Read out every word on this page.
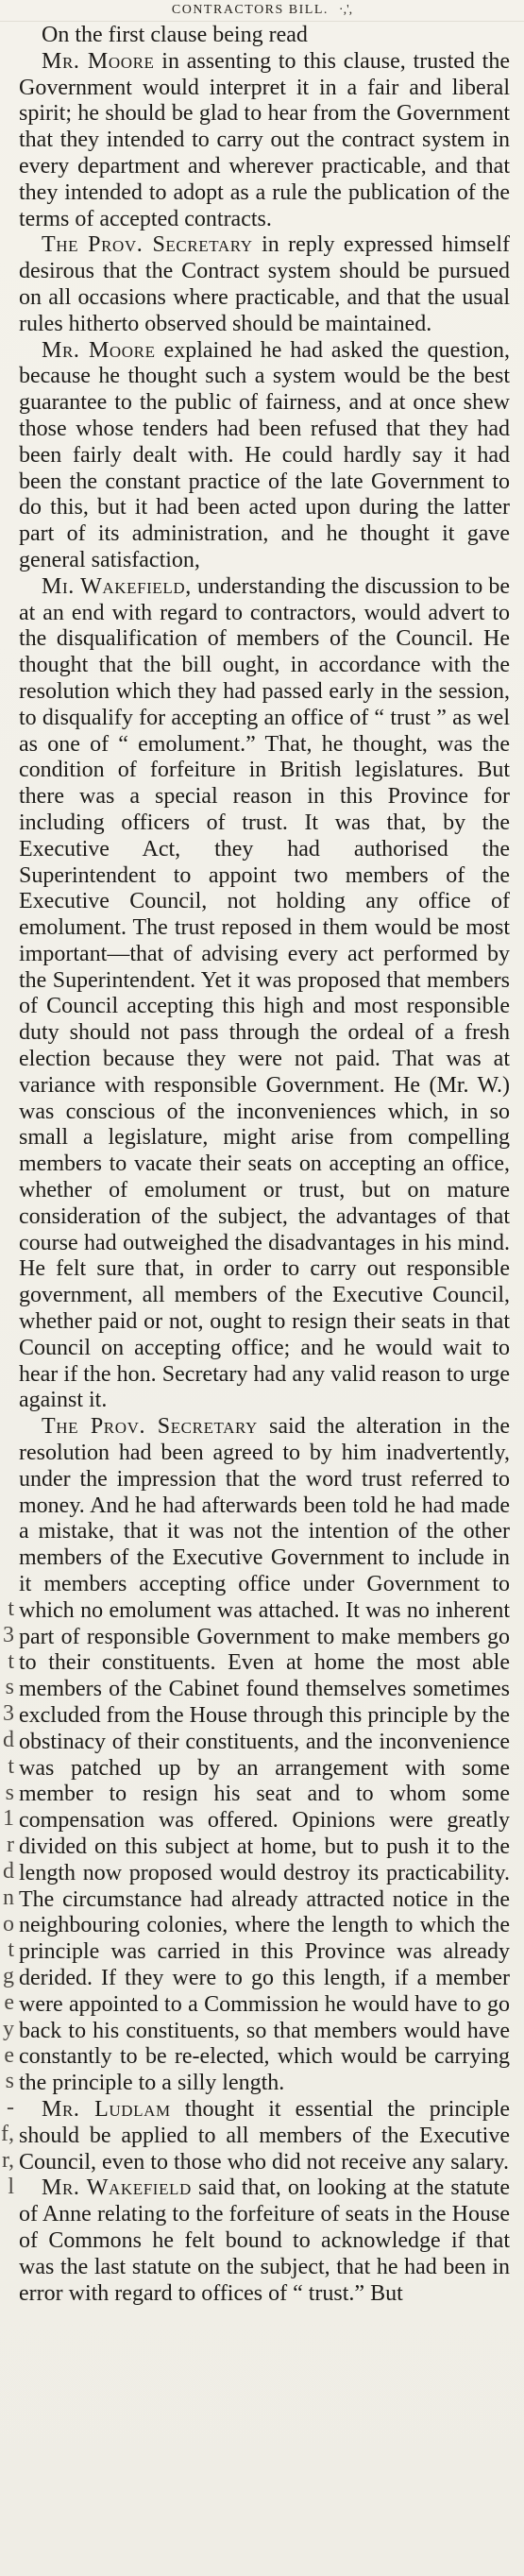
CONTRACTORS BILL. ·,',

On the first clause being read

Mr. Moore in assenting to this clause, trusted the Government would interpret it in a fair and liberal spirit; he should be glad to hear from the Government that they intended to carry out the contract system in every department and wherever practicable, and that they intended to adopt as a rule the publication of the terms of accepted contracts.

The Prov. Secretary in reply expressed himself desirous that the Contract system should be pursued on all occasions where practicable, and that the usual rules hitherto observed should be maintained.

Mr. Moore explained he had asked the question, because he thought such a system would be the best guarantee to the public of fairness, and at once shew those whose tenders had been refused that they had been fairly dealt with. He could hardly say it had been the constant practice of the late Government to do this, but it had been acted upon during the latter part of its administration, and he thought it gave general satisfaction,

Mı. Wakefield, understanding the discussion to be at an end with regard to contractors, would advert to the disqualification of members of the Council. He thought that the bill ought, in accordance with the resolution which they had passed early in the session, to disqualify for accepting an office of “ trust ” as wel as one of “ emolument.” That, he thought, was the condition of forfeiture in British legislatures. But there was a special reason in this Province for including officers of trust. It was that, by the Executive Act, they had authorised the Superintendent to appoint two members of the Executive Council, not holding any office of emolument. The trust reposed in them would be most important—that of advising every act performed by the Superintendent. Yet it was proposed that members of Council accepting this high and most responsible duty should not pass through the ordeal of a fresh election because they were not paid. That was at variance with responsible Government. He (Mr. W.) was conscious of the inconveniences which, in so small a legislature, might arise from compelling members to vacate their seats on accepting an office, whether of emolument or trust, but on mature consideration of the subject, the advantages of that course had outweighed the disadvantages in his mind. He felt sure that, in order to carry out responsible government, all members of the Executive Council, whether paid or not, ought to resign their seats in that Council on accepting office; and he would wait to hear if the hon. Secretary had any valid reason to urge against it.

The Prov. Secretary said the alteration in the resolution had been agreed to by him inadvertently, under the impression that the word trust referred to money. And he had afterwards been told he had made a mistake, that it was not the intention of the other members of the Executive Government to include in it members accepting office under Government to which no emolument was attached. It was no inherent part of responsible Government to make members go to their constituents. Even at home the most able members of the Cabinet found themselves sometimes excluded from the House through this principle by the obstinacy of their constituents, and the inconvenience was patched up by an arrangement with some member to resign his seat and to whom some compensation was offered. Opinions were greatly divided on this subject at home, but to push it to the length now proposed would destroy its practicability. The circumstance had already attracted notice in the neighbouring colonies, where the length to which the principle was carried in this Province was already derided. If they were to go this length, if a member were appointed to a Commission he would have to go back to his constituents, so that members would have constantly to be re-elected, which would be carrying the principle to a silly length.

Mr. Ludlam thought it essential the principle should be applied to all members of the Executive Council, even to those who did not receive any salary.

Mr. Wakefield said that, on looking at the statute of Anne relating to the forfeiture of seats in the House of Commons he felt bound to acknowledge if that was the last statute on the subject, that he had been in error with regard to offices of “ trust.” But

t
3
t
s
3
d
t
s
1
r
d
n
o
t
g
e
y
e
s
-
f,
r,
l
